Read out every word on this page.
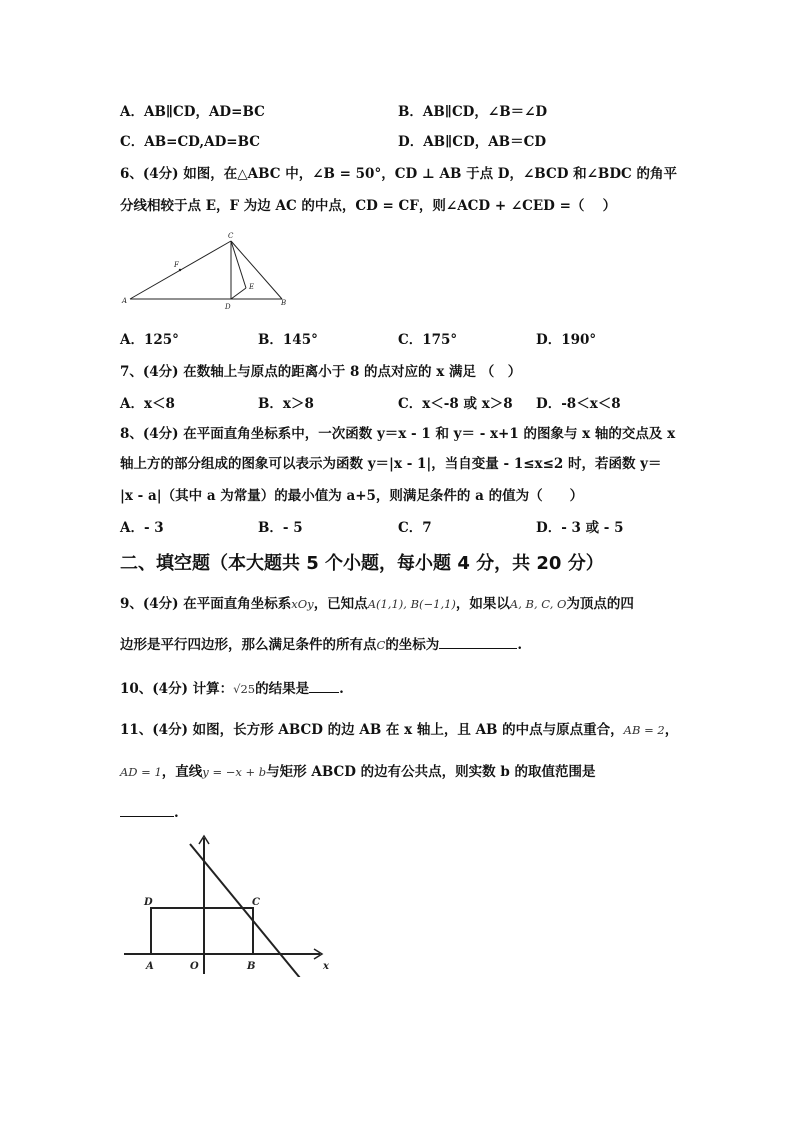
A．AB∥CD，AD=BC	B．AB∥CD，∠B＝∠D
C．AB=CD,AD=BC	D．AB∥CD，AB＝CD
6、(4分) 如图，在△ABC 中，∠B = 50°，CD ⊥ AB 于点 D，∠BCD 和∠BDC 的角平
分线相较于点 E，F 为边 AC 的中点，CD = CF，则∠ACD + ∠CED =（　 ）
C
F
A
D
E
B
A．125°	B．145°	C．175°	D．190°
7、(4分) 在数轴上与原点的距离小于 8 的点对应的 x 满足 （　）
A．x＜8	B．x＞8	C．x＜-8 或 x＞8 D．-8＜x＜8
8、(4分) 在平面直角坐标系中，一次函数 y＝x - 1 和 y＝ - x+1 的图象与 x 轴的交点及 x
轴上方的部分组成的图象可以表示为函数 y＝|x - 1|，当自变量 - 1≤x≤2 时，若函数 y＝
|x - a|（其中 a 为常量）的最小值为 a+5，则满足条件的 a 的值为（　　）
A．- 3	B．- 5	C．7	D．- 3 或 - 5
二、填空题（本大题共 5 个小题，每小题 4 分，共 20 分）
9、(4分) 在平面直角坐标系xOy，已知点A(1,1), B(−1,1)，如果以A, B, C, O为顶点的四
边形是平行四边形，那么满足条件的所有点C的坐标为	.
10、(4分) 计算：√25的结果是 .
11、(4分) 如图，长方形 ABCD 的边 AB 在 x 轴上，且 AB 的中点与原点重合，AB = 2，
AD = 1，直线y = −x + b与矩形 ABCD 的边有公共点，则实数 b 的取值范围是
.
D	C
A	O	B	x
